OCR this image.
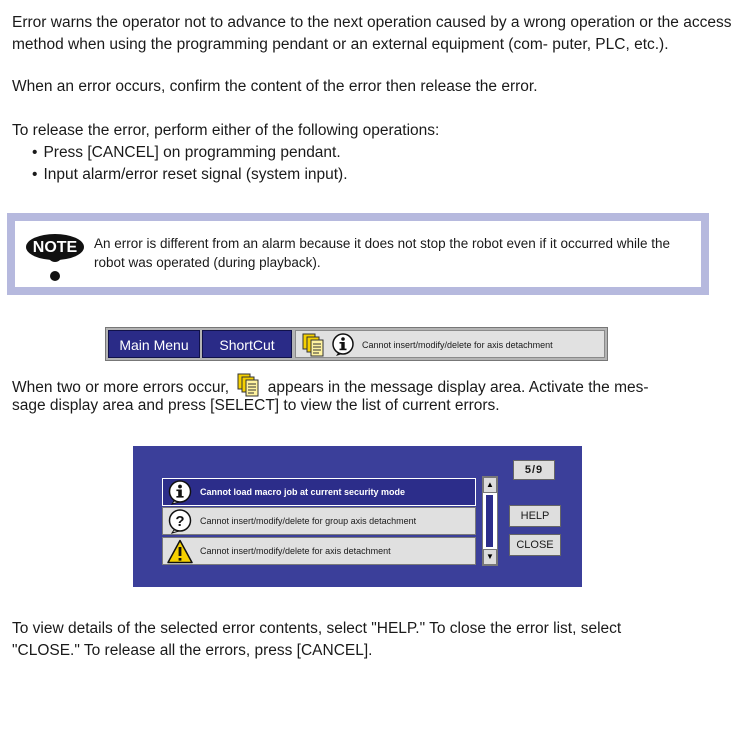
Error warns the operator not to advance to the next operation caused by a wrong operation or the access method when using the programming pendant or an external equipment (com- puter, PLC, etc.).

When an error occurs, confirm the content of the error then release the error.

To release the error, perform either of the following operations:

• Press [CANCEL] on programming pendant.

• Input alarm/error reset signal (system input).

NOTE An error is different from an alarm because it does not stop the robot even if it occurred while the robot was operated (during playback).

Main Menu	ShortCut	Cannot insert/modify/delete for axis detachment

When two or more errors occur, appears in the message display area. Activate the mes-

sage display area and press [SELECT] to view the list of current errors.

5/9
Cannot load macro job at current security mode
? Cannot insert/modify/delete for group axis detachment
Cannot insert/modify/delete for axis detachment
▲
▼
HELP
CLOSE

To view details of the selected error contents, select "HELP." To close the error list, select

"CLOSE." To release all the errors, press [CANCEL].
